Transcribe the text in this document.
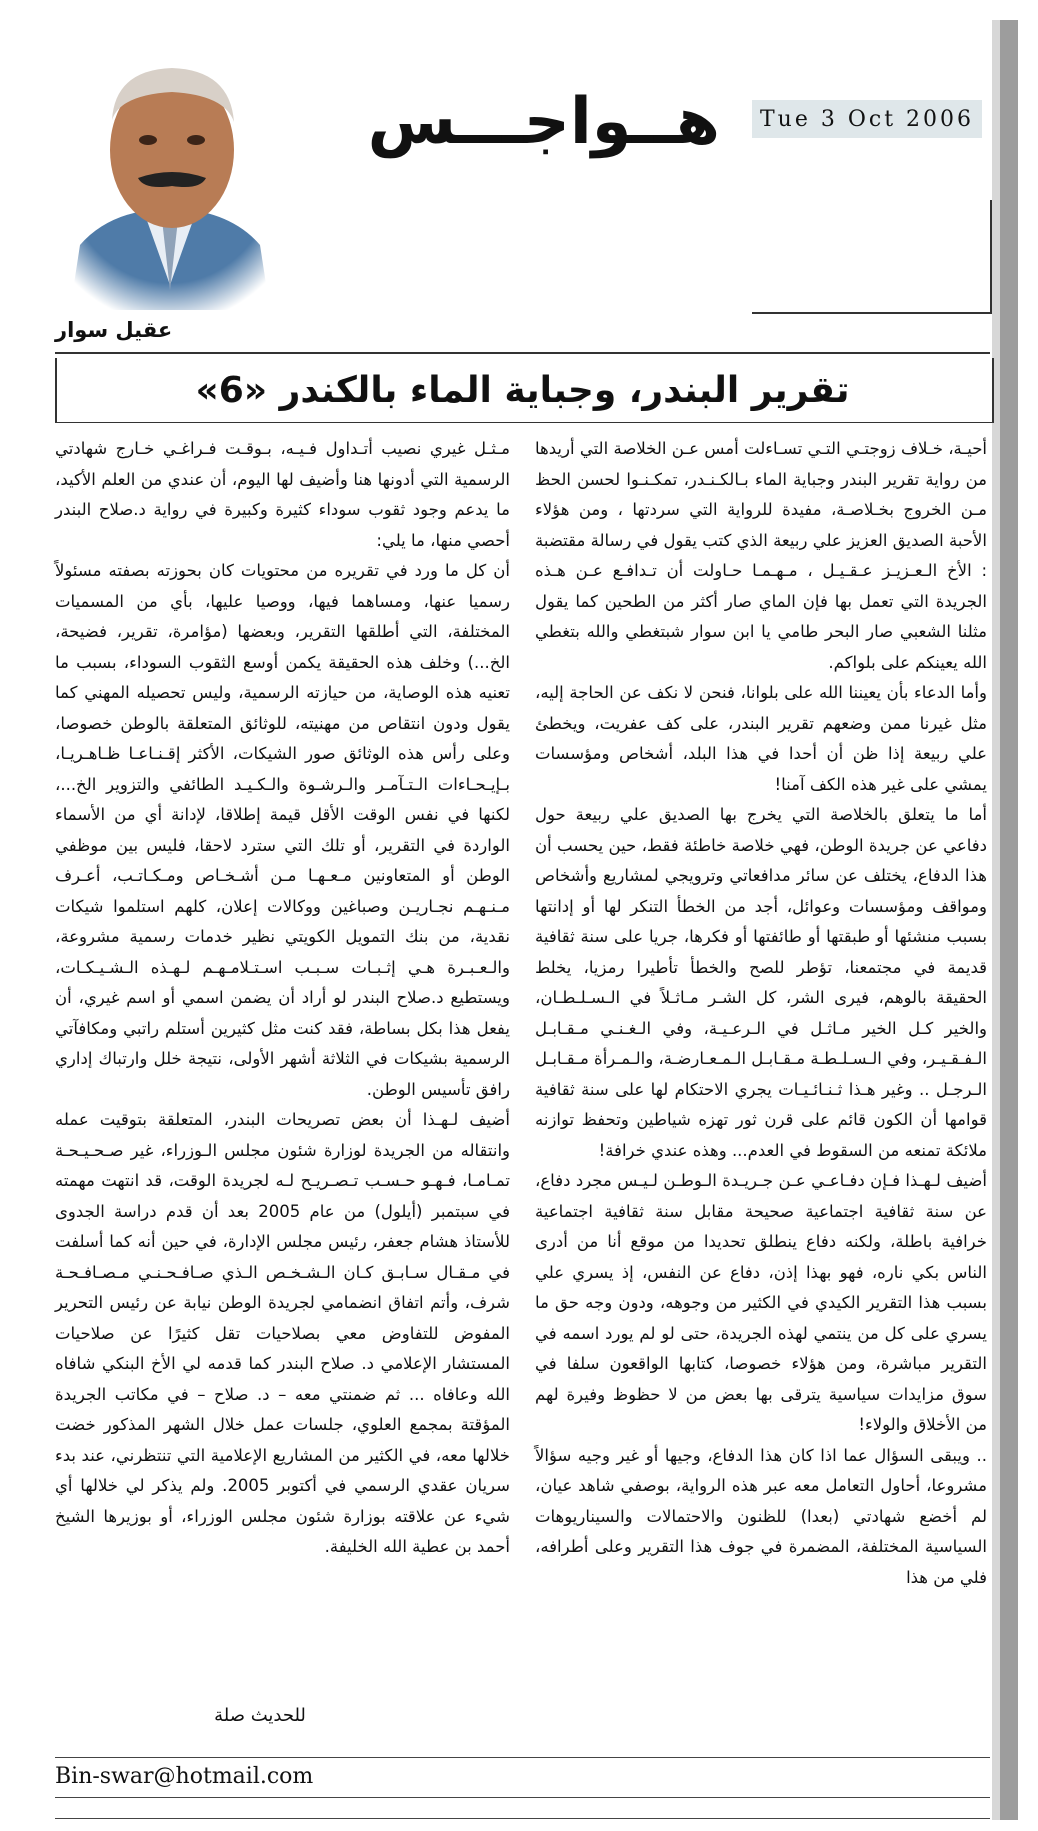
هــواجـــس	Tue 3 Oct 2006
عقيل سوار
تقرير البندر، وجباية الماء بالكندر «6»

أحيـة، خـلاف زوجتـي التـي تسـاءلت أمس عـن الخلاصة التي أريدها من رواية تقرير البندر وجباية الماء بـالكـنـدر، تمكـنـوا لحسن الحظ مـن الخروج بخـلاصـة، مفيدة للرواية التي سردتها ، ومن هؤلاء الأحبة الصديق العزيز علي ربيعة الذي كتب يقول في رسالة مقتضبة : الأخ الـعـزيـز عـقـيـل ، مـهـمـا حـاولت أن تـدافـع عـن هـذه الجريدة التي تعمل بها فإن الماي صار أكثر من الطحين كما يقول مثلنا الشعبي صار البحر طامي يا ابن سوار شبتغطي والله بتغطي الله يعينكم على بلواكم.

وأما الدعاء بأن يعيننا الله على بلوانا، فنحن لا نكف عن الحاجة إليه، مثل غيرنا ممن وضعهم تقرير البندر، على كف عفريت، ويخطئ علي ربيعة إذا ظن أن أحدا في هذا البلد، أشخاص ومؤسسات يمشي على غير هذه الكف آمنا!

أما ما يتعلق بالخلاصة التي يخرج بها الصديق علي ربيعة حول دفاعي عن جريدة الوطن، فهي خلاصة خاطئة فقط، حين يحسب أن هذا الدفاع، يختلف عن سائر مدافعاتي وترويجي لمشاريع وأشخاص ومواقف ومؤسسات وعوائل، أجد من الخطأ التنكر لها أو إدانتها بسبب منشئها أو طبقتها أو طائفتها أو فكرها، جريا على سنة ثقافية قديمة في مجتمعنا، تؤطر للصح والخطأ تأطيرا رمزيا، يخلط الحقيقة بالوهم، فيرى الشر، كل الشـر مـاثـلاً في الـسـلـطـان، والخير كـل الخير مـاثـل في الـرعـيـة، وفي الـغـنـي مـقـابـل الـفـقـيـر، وفي الـسـلـطـة مـقـابـل الـمـعـارضـة، والـمـرأة مـقـابـل الـرجـل .. وغير هـذا ثـنـائـيـات يجري الاحتكام لها على سنة ثقافية قوامها أن الكون قائم على قرن ثور تهزه شياطين وتحفظ توازنه ملائكة تمنعه من السقوط في العدم... وهذه عندي خرافة!

أضيف لـهـذا فـإن دفـاعـي عـن جـريـدة الـوطـن لـيـس مجرد دفاع، عن سنة ثقافية اجتماعية صحيحة مقابل سنة ثقافية اجتماعية خرافية باطلة، ولكنه دفاع ينطلق تحديدا من موقع أنا من أدرى الناس بكي ناره، فهو بهذا إذن، دفاع عن النفس، إذ يسري علي بسبب هذا التقرير الكيدي في الكثير من وجوهه، ودون وجه حق ما يسري على كل من ينتمي لهذه الجريدة، حتى لو لم يورد اسمه في التقرير مباشرة، ومن هؤلاء خصوصا، كتابها الواقعون سلفا في سوق مزايدات سياسية يترقى بها بعض من لا حظوظ وفيرة لهم من الأخلاق والولاء!

.. ويبقى السؤال عما اذا كان هذا الدفاع، وجيها أو غير وجيه سؤالاً مشروعا، أحاول التعامل معه عبر هذه الرواية، بوصفي شاهد عيان، لم أخضع شهادتي (بعدا) للظنون والاحتمالات والسيناريوهات السياسية المختلفة، المضمرة في جوف هذا التقرير وعلى أطرافه، فلي من هذا

مـثـل غيري نصيب أتـداول فـيـه، بـوقـت فـراغـي خـارج شهادتي الرسمية التي أدونها هنا وأضيف لها اليوم، أن عندي من العلم الأكيد، ما يدعم وجود ثقوب سوداء كثيرة وكبيرة في رواية د.صلاح البندر أحصي منها، ما يلي:

أن كل ما ورد في تقريره من محتويات كان بحوزته بصفته مسئولاً رسميا عنها، ومساهما فيها، ووصيا عليها، بأي من المسميات المختلفة، التي أطلقها التقرير، وبعضها (مؤامرة، تقرير، فضيحة، الخ...) وخلف هذه الحقيقة يكمن أوسع الثقوب السوداء، بسبب ما تعنيه هذه الوصاية، من حيازته الرسمية، وليس تحصيله المهني كما يقول ودون انتقاص من مهنيته، للوثائق المتعلقة بالوطن خصوصا، وعلى رأس هذه الوثائق صور الشيكات، الأكثر إقـنـاعـا ظـاهـريـا، بـإيـحـاءات الـتـآمـر والـرشـوة والـكـيـد الطائفي والتزوير الخ...، لكنها في نفس الوقت الأقل قيمة إطلاقا، لإدانة أي من الأسماء الواردة في التقرير، أو تلك التي سترد لاحقا، فليس بين موظفي الوطن أو المتعاونين مـعـهـا مـن أشـخـاص ومـكـاتـب، أعـرف مـنـهـم نجـاريـن وصباغين ووكالات إعلان، كلهم استلموا شيكات نقدية، من بنك التمويل الكويتي نظير خدمات رسمية مشروعة، والـعـبـرة هـي إثـبـات سـبـب اسـتـلامـهـم لـهـذه الـشـيـكـات، ويستطيع د.صلاح البندر لو أراد أن يضمن اسمي أو اسم غيري، أن يفعل هذا بكل بساطة، فقد كنت مثل كثيرين أستلم راتبي ومكافآتي الرسمية بشيكات في الثلاثة أشهر الأولى، نتيجة خلل وارتباك إداري رافق تأسيس الوطن.

أضيف لـهـذا أن بعض تصريحات البندر، المتعلقة بتوقيت عمله وانتقاله من الجريدة لوزارة شئون مجلس الـوزراء، غير صـحـيـحـة تمـامـا، فـهـو حـسـب تـصـريـح لـه لجريدة الوقت، قد انتهت مهمته في سبتمبر (أيلول) من عام 2005 بعد أن قدم دراسة الجدوى للأستاذ هشام جعفر، رئيس مجلس الإدارة، في حين أنه كما أسلفت في مـقـال سـابـق كـان الـشـخـص الـذي صـافـحـنـي مـصـافـحـة شرف، وأتم اتفاق انضمامي لجريدة الوطن نيابة عن رئيس التحرير المفوض للتفاوض معي بصلاحيات تقل كثيرًا عن صلاحيات المستشار الإعلامي د. صلاح البندر كما قدمه لي الأخ البنكي شافاه الله وعافاه ... ثم ضمنتي معه – د. صلاح – في مكاتب الجريدة المؤقتة بمجمع العلوي، جلسات عمل خلال الشهر المذكور خضت خلالها معه، في الكثير من المشاريع الإعلامية التي تنتظرني، عند بدء سريان عقدي الرسمي في أكتوبر 2005. ولم يذكر لي خلالها أي شيء عن علاقته بوزارة شئون مجلس الوزراء، أو بوزيرها الشيخ أحمد بن عطية الله الخليفة.

للحديث صلة
Bin-swar@hotmail.com
